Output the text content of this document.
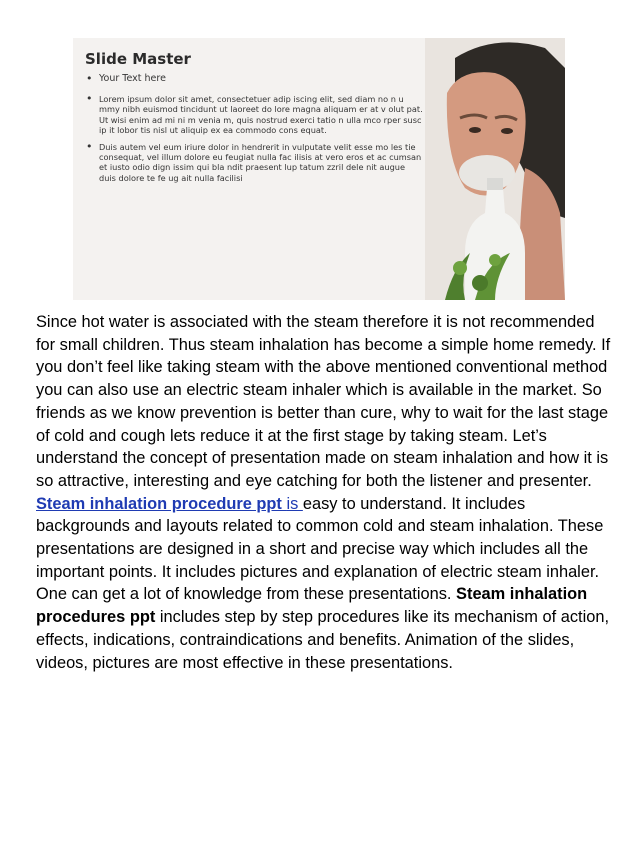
Slide Master
• Your Text here
• Lorem ipsum dolor sit amet, consectetuer adip iscing elit, sed diam no n u mmy nibh euismod tincidunt ut laoreet do lore magna aliquam er at v olut pat. Ut wisi enim ad mi ni m venia m, quis nostrud exerci tatio n ulla mco rper susc ip it lobor tis nisl ut aliquip ex ea commodo cons equat.
• Duis autem vel eum iriure dolor in hendrerit in vulputate velit esse mo les tie consequat, vel illum dolore eu feugiat nulla fac ilisis at vero eros et ac cumsan et iusto odio dign issim qui bla ndit praesent lup tatum zzril dele nit augue duis dolore te fe ug ait nulla facilisi

Since hot water is associated with the steam therefore it is not recommended for small children. Thus steam inhalation has become a simple home remedy. If you don’t feel like taking steam with the above mentioned conventional method you can also use an electric steam inhaler which is available in the market. So friends as we know prevention is better than cure, why to wait for the last stage of cold and cough lets reduce it at the first stage by taking steam. Let’s understand the concept of presentation made on steam inhalation and how it is so attractive, interesting and eye catching for both the listener and presenter.

Steam inhalation procedure ppt is easy to understand. It includes backgrounds and layouts related to common cold and steam inhalation. These presentations are designed in a short and precise way which includes all the important points. It includes pictures and explanation of electric steam inhaler. One can get a lot of knowledge from these presentations. Steam inhalation procedures ppt includes step by step procedures like its mechanism of action, effects, indications, contraindications and benefits. Animation of the slides, videos, pictures are most effective in these presentations.
